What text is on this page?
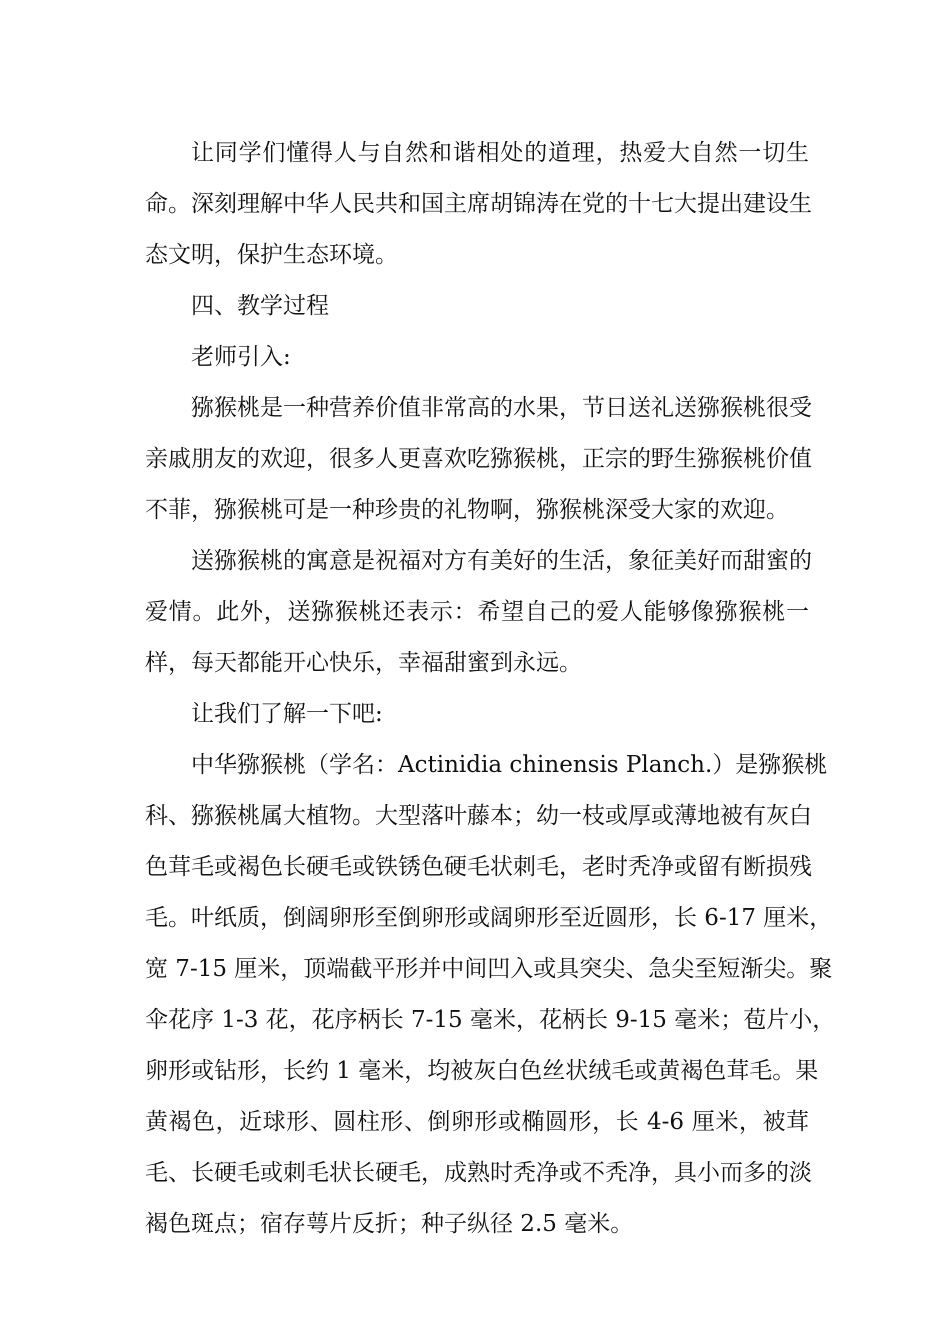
让同学们懂得人与自然和谐相处的道理，热爱大自然一切生
命。深刻理解中华人民共和国主席胡锦涛在党的十七大提出建设生
态文明，保护生态环境。
四、教学过程
老师引入:
猕猴桃是一种营养价值非常高的水果，节日送礼送猕猴桃很受
亲戚朋友的欢迎，很多人更喜欢吃猕猴桃，正宗的野生猕猴桃价值
不菲，猕猴桃可是一种珍贵的礼物啊，猕猴桃深受大家的欢迎。
送猕猴桃的寓意是祝福对方有美好的生活，象征美好而甜蜜的
爱情。此外，送猕猴桃还表示：希望自己的爱人能够像猕猴桃一
样，每天都能开心快乐，幸福甜蜜到永远。
让我们了解一下吧:
中华猕猴桃（学名：Actinidia chinensis Planch.）是猕猴桃
科、猕猴桃属大植物。大型落叶藤本；幼一枝或厚或薄地被有灰白
色茸毛或褐色长硬毛或铁锈色硬毛状刺毛，老时秃净或留有断损残
毛。叶纸质，倒阔卵形至倒卵形或阔卵形至近圆形，长 6-17 厘米，
宽 7-15 厘米，顶端截平形并中间凹入或具突尖、急尖至短渐尖。聚
伞花序 1-3 花，花序柄长 7-15 毫米，花柄长 9-15 毫米；苞片小，
卵形或钻形，长约 1 毫米，均被灰白色丝状绒毛或黄褐色茸毛。果
黄褐色，近球形、圆柱形、倒卵形或椭圆形，长 4-6 厘米，被茸
毛、长硬毛或刺毛状长硬毛，成熟时秃净或不秃净，具小而多的淡
褐色斑点；宿存萼片反折；种子纵径 2.5 毫米。
